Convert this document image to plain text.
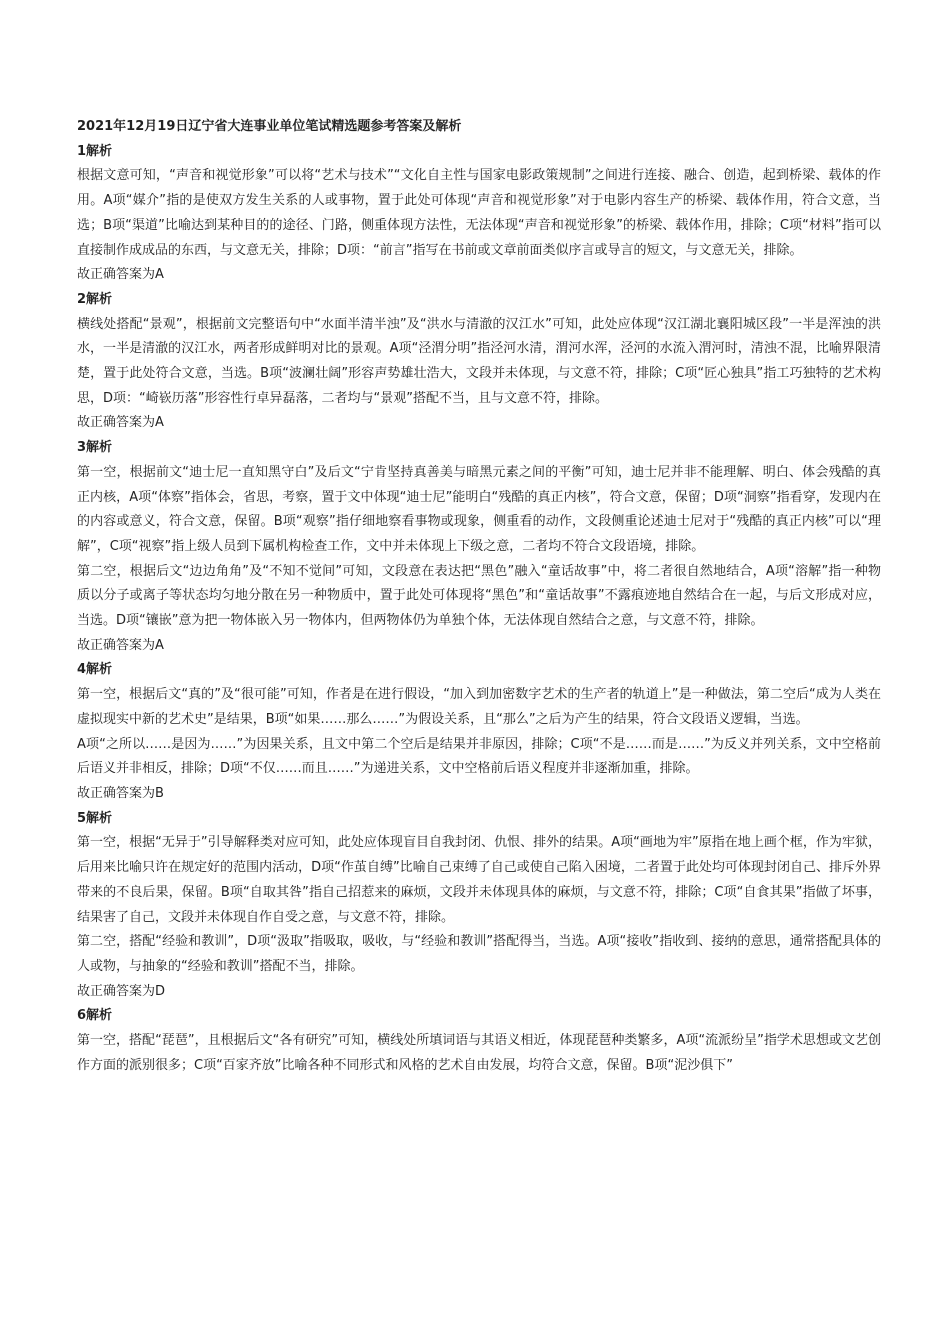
2021年12月19日辽宁省大连事业单位笔试精选题参考答案及解析

1解析

根据文意可知，“声音和视觉形象”可以将“艺术与技术”“文化自主性与国家电影政策规制”之间进行连接、融合、创造，起到桥梁、载体的作用。A项“媒介”指的是使双方发生关系的人或事物，置于此处可体现“声音和视觉形象”对于电影内容生产的桥梁、载体作用，符合文意，当选；B项“渠道”比喻达到某种目的的途径、门路，侧重体现方法性，无法体现“声音和视觉形象”的桥梁、载体作用，排除；C项“材料”指可以直接制作成成品的东西，与文意无关，排除；D项：“前言”指写在书前或文章前面类似序言或导言的短文，与文意无关，排除。

故正确答案为A

2解析

横线处搭配“景观”，根据前文完整语句中“水面半清半浊”及“洪水与清澈的汉江水”可知，此处应体现“汉江湖北襄阳城区段”一半是浑浊的洪水，一半是清澈的汉江水，两者形成鲜明对比的景观。A项“泾渭分明”指泾河水清，渭河水浑，泾河的水流入渭河时，清浊不混，比喻界限清楚，置于此处符合文意，当选。B项“波澜壮阔”形容声势雄壮浩大，文段并未体现，与文意不符，排除；C项“匠心独具”指工巧独特的艺术构思，D项：“崎嵚历落”形容性行卓异磊落，二者均与“景观”搭配不当，且与文意不符，排除。

故正确答案为A

3解析

第一空，根据前文“迪士尼一直知黑守白”及后文“宁肯坚持真善美与暗黑元素之间的平衡”可知，迪士尼并非不能理解、明白、体会残酷的真正内核，A项“体察”指体会，省思，考察，置于文中体现“迪士尼”能明白“残酷的真正内核”，符合文意，保留；D项“洞察”指看穿，发现内在的内容或意义，符合文意，保留。B项“观察”指仔细地察看事物或现象，侧重看的动作，文段侧重论述迪士尼对于“残酷的真正内核”可以“理解”，C项“视察”指上级人员到下属机构检查工作，文中并未体现上下级之意，二者均不符合文段语境，排除。

第二空，根据后文“边边角角”及“不知不觉间”可知，文段意在表达把“黑色”融入“童话故事”中，将二者很自然地结合，A项“溶解”指一种物质以分子或离子等状态均匀地分散在另一种物质中，置于此处可体现将“黑色”和“童话故事”不露痕迹地自然结合在一起，与后文形成对应，当选。D项“镶嵌”意为把一物体嵌入另一物体内，但两物体仍为单独个体，无法体现自然结合之意，与文意不符，排除。

故正确答案为A

4解析

第一空，根据后文“真的”及“很可能”可知，作者是在进行假设，“加入到加密数字艺术的生产者的轨道上”是一种做法，第二空后“成为人类在虚拟现实中新的艺术史”是结果，B项“如果……那么……”为假设关系，且“那么”之后为产生的结果，符合文段语义逻辑，当选。

A项“之所以……是因为……”为因果关系，且文中第二个空后是结果并非原因，排除；C项“不是……而是……”为反义并列关系，文中空格前后语义并非相反，排除；D项“不仅……而且……”为递进关系，文中空格前后语义程度并非逐渐加重，排除。

故正确答案为B

5解析

第一空，根据“无异于”引导解释类对应可知，此处应体现盲目自我封闭、仇恨、排外的结果。A项“画地为牢”原指在地上画个框，作为牢狱，后用来比喻只许在规定好的范围内活动，D项“作茧自缚”比喻自己束缚了自己或使自己陷入困境，二者置于此处均可体现封闭自己、排斥外界带来的不良后果，保留。B项“自取其咎”指自己招惹来的麻烦，文段并未体现具体的麻烦，与文意不符，排除；C项“自食其果”指做了坏事，结果害了自己，文段并未体现自作自受之意，与文意不符，排除。

第二空，搭配“经验和教训”，D项“汲取”指吸取，吸收，与“经验和教训”搭配得当，当选。A项“接收”指收到、接纳的意思，通常搭配具体的人或物，与抽象的“经验和教训”搭配不当，排除。

故正确答案为D

6解析

第一空，搭配“琵琶”，且根据后文“各有研究”可知，横线处所填词语与其语义相近，体现琵琶种类繁多，A项“流派纷呈”指学术思想或文艺创作方面的派别很多；C项“百家齐放”比喻各种不同形式和风格的艺术自由发展，均符合文意，保留。B项“泥沙俱下”
